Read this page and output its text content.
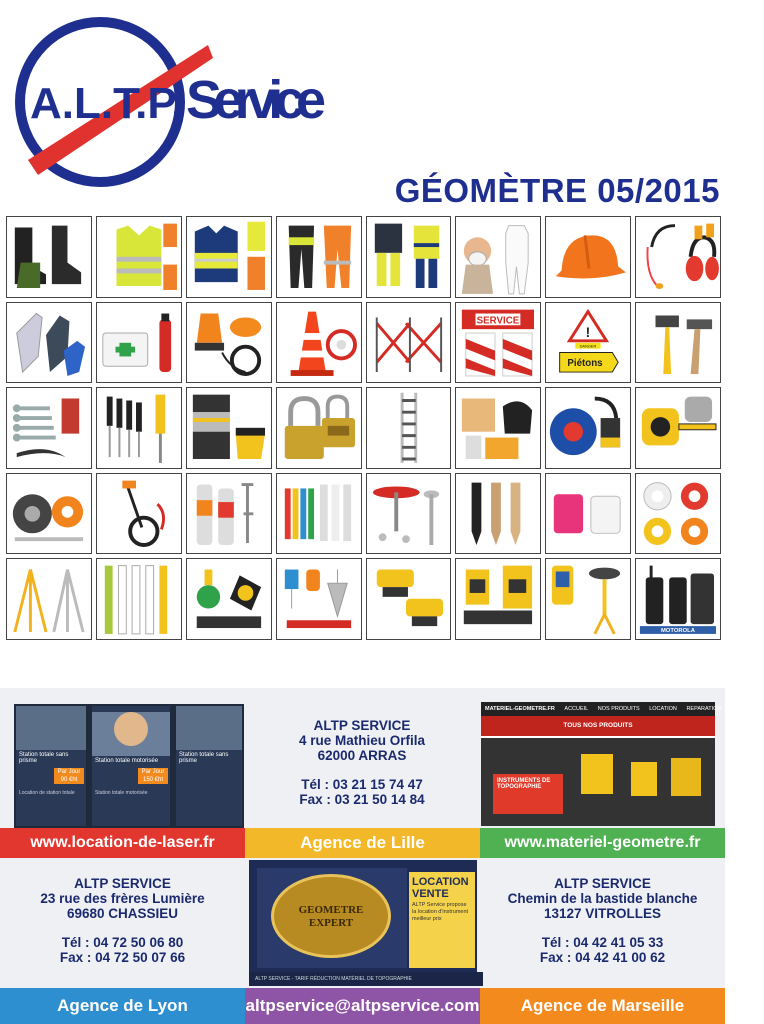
A.L.T.P. Service
GÉOMÈTRE 05/2015
SERVICE
!
DANGER
Piétons
MOTOROLA
Station totale sans prisme
Par Jour
90 €ht
Location de station totale
Station totale motorisée
Par Jour
150 €ht
Station totale motorisée
Station totale sans prisme
ALTP SERVICE
4 rue Mathieu Orfila
62000 ARRAS
Tél : 03 21 15 74 47
Fax : 03 21 50 14 84
MATERIEL-GEOMETRE.FR ACCUEIL NOS PRODUITS LOCATION REPARATION TARIF 2015
TOUS NOS PRODUITS
INSTRUMENTS DE TOPOGRAPHIE
www.location-de-laser.fr	Agence de Lille	www.materiel-geometre.fr
ALTP SERVICE
23 rue des frères Lumière
69680 CHASSIEU
Tél : 04 72 50 06 80
Fax : 04 72 50 07 66
GEOMETRE
EXPERT
LOCATION
VENTE
ALTP Service propose
la location d'instrument
meilleur prix
ALTP SERVICE - TARIF RÉDUCTION MATÉRIEL DE TOPOGRAPHIE
ALTP SERVICE
Chemin de la bastide blanche
13127 VITROLLES
Tél : 04 42 41 05 33
Fax : 04 42 41 00 62
Agence de Lyon	altpservice@altpservice.com	Agence de Marseille
